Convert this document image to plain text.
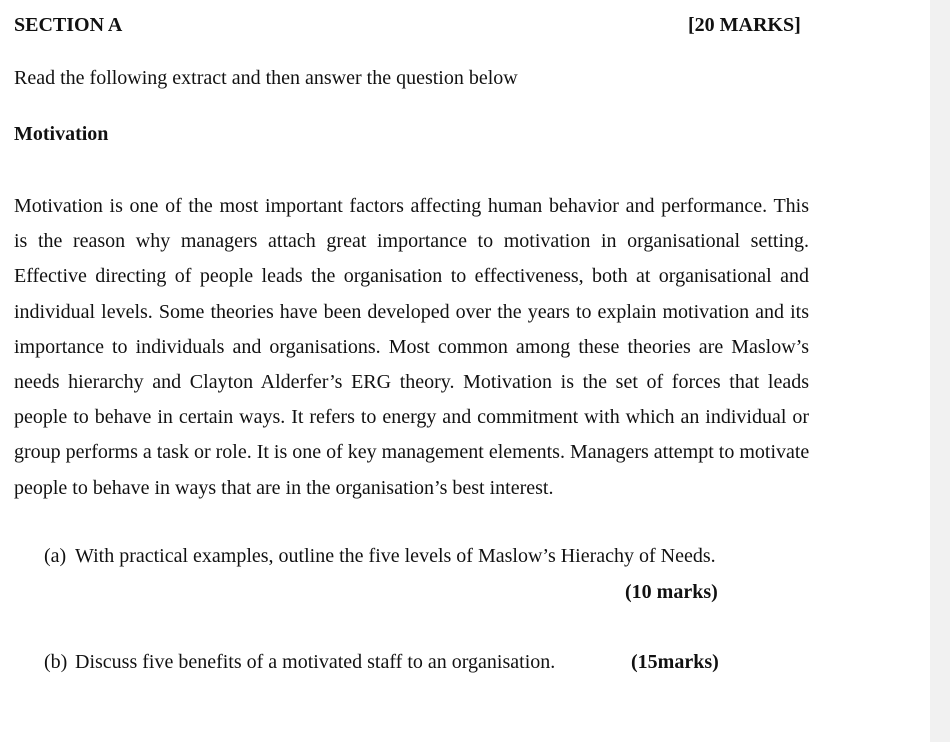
SECTION A	[20 MARKS]
Read the following extract and then answer the question below
Motivation
Motivation is one of the most important factors affecting human behavior and performance. This
is the reason why managers attach great importance to motivation in organisational setting.
Effective directing of people leads the organisation to effectiveness, both at organisational and
individual levels. Some theories have been developed over the years to explain motivation and its
importance to individuals and organisations. Most common among these theories are Maslow’s
needs hierarchy and Clayton Alderfer’s ERG theory. Motivation is the set of forces that leads
people to behave in certain ways. It refers to energy and commitment with which an individual or
group performs a task or role. It is one of key management elements. Managers attempt to motivate
people to behave in ways that are in the organisation’s best interest.
(a) With practical examples, outline the five levels of Maslow’s Hierachy of Needs.
(10 marks)
(b) Discuss five benefits of a motivated staff to an organisation.	(15marks)
